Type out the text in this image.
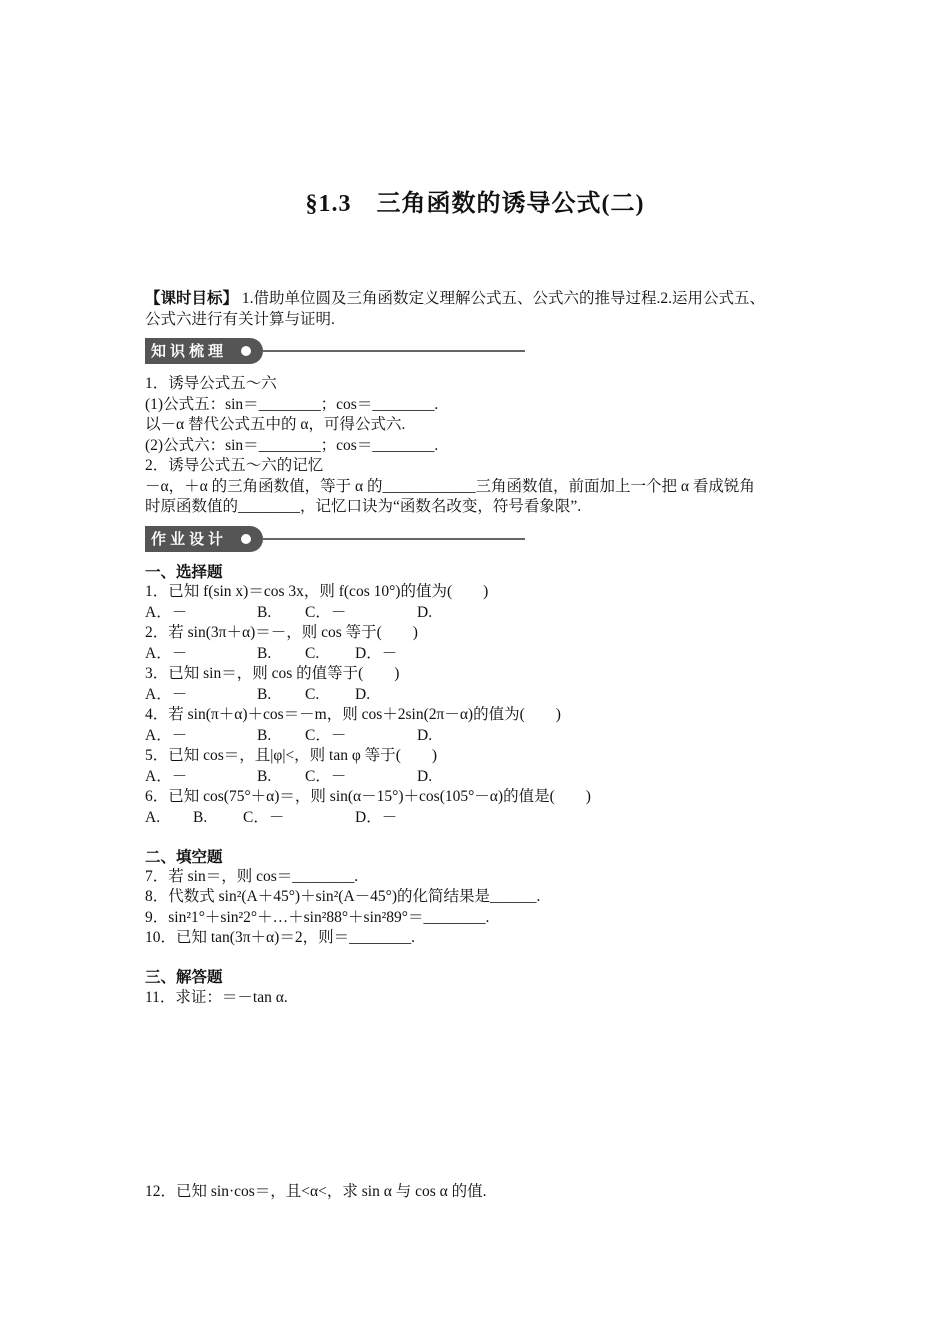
§1.3　三角函数的诱导公式(二)
【课时目标】 1.借助单位圆及三角函数定义理解公式五、公式六的推导过程.2.运用公式五、
公式六进行有关计算与证明.
知识梳理
1．诱导公式五～六
(1)公式五：sin＝________；cos＝________.
以－α 替代公式五中的 α，可得公式六.
(2)公式六：sin＝________；cos＝________.
2．诱导公式五～六的记忆
－α，＋α 的三角函数值，等于 α 的____________三角函数值，前面加上一个把 α 看成锐角
时原函数值的________，记忆口诀为“函数名改变，符号看象限”.
作业设计
一、选择题
1．已知 f(sin x)＝cos 3x，则 f(cos 10°)的值为(　　)
A．－	B. C．－	D.
2．若 sin(3π＋α)＝－，则 cos 等于(　　)
A．－	B. C. D．－
3．已知 sin＝，则 cos 的值等于(　　)
A．－	B. C. D.
4．若 sin(π＋α)＋cos＝－m，则 cos＋2sin(2π－α)的值为(　　)
A．－	B. C．－	D.
5．已知 cos＝，且|φ|<，则 tan φ 等于(　　)
A．－	B. C．－	D.
6．已知 cos(75°＋α)＝，则 sin(α－15°)＋cos(105°－α)的值是(　　)
A. B. C．－	D．－
二、填空题
7．若 sin＝，则 cos＝________.
8．代数式 sin²(A＋45°)＋sin²(A－45°)的化简结果是______.
9．sin²1°＋sin²2°＋…＋sin²88°＋sin²89°＝________.
10．已知 tan(3π＋α)＝2，则＝________.
三、解答题
11．求证：＝－tan α.
12．已知 sin·cos＝，且<α<，求 sin α 与 cos α 的值.
